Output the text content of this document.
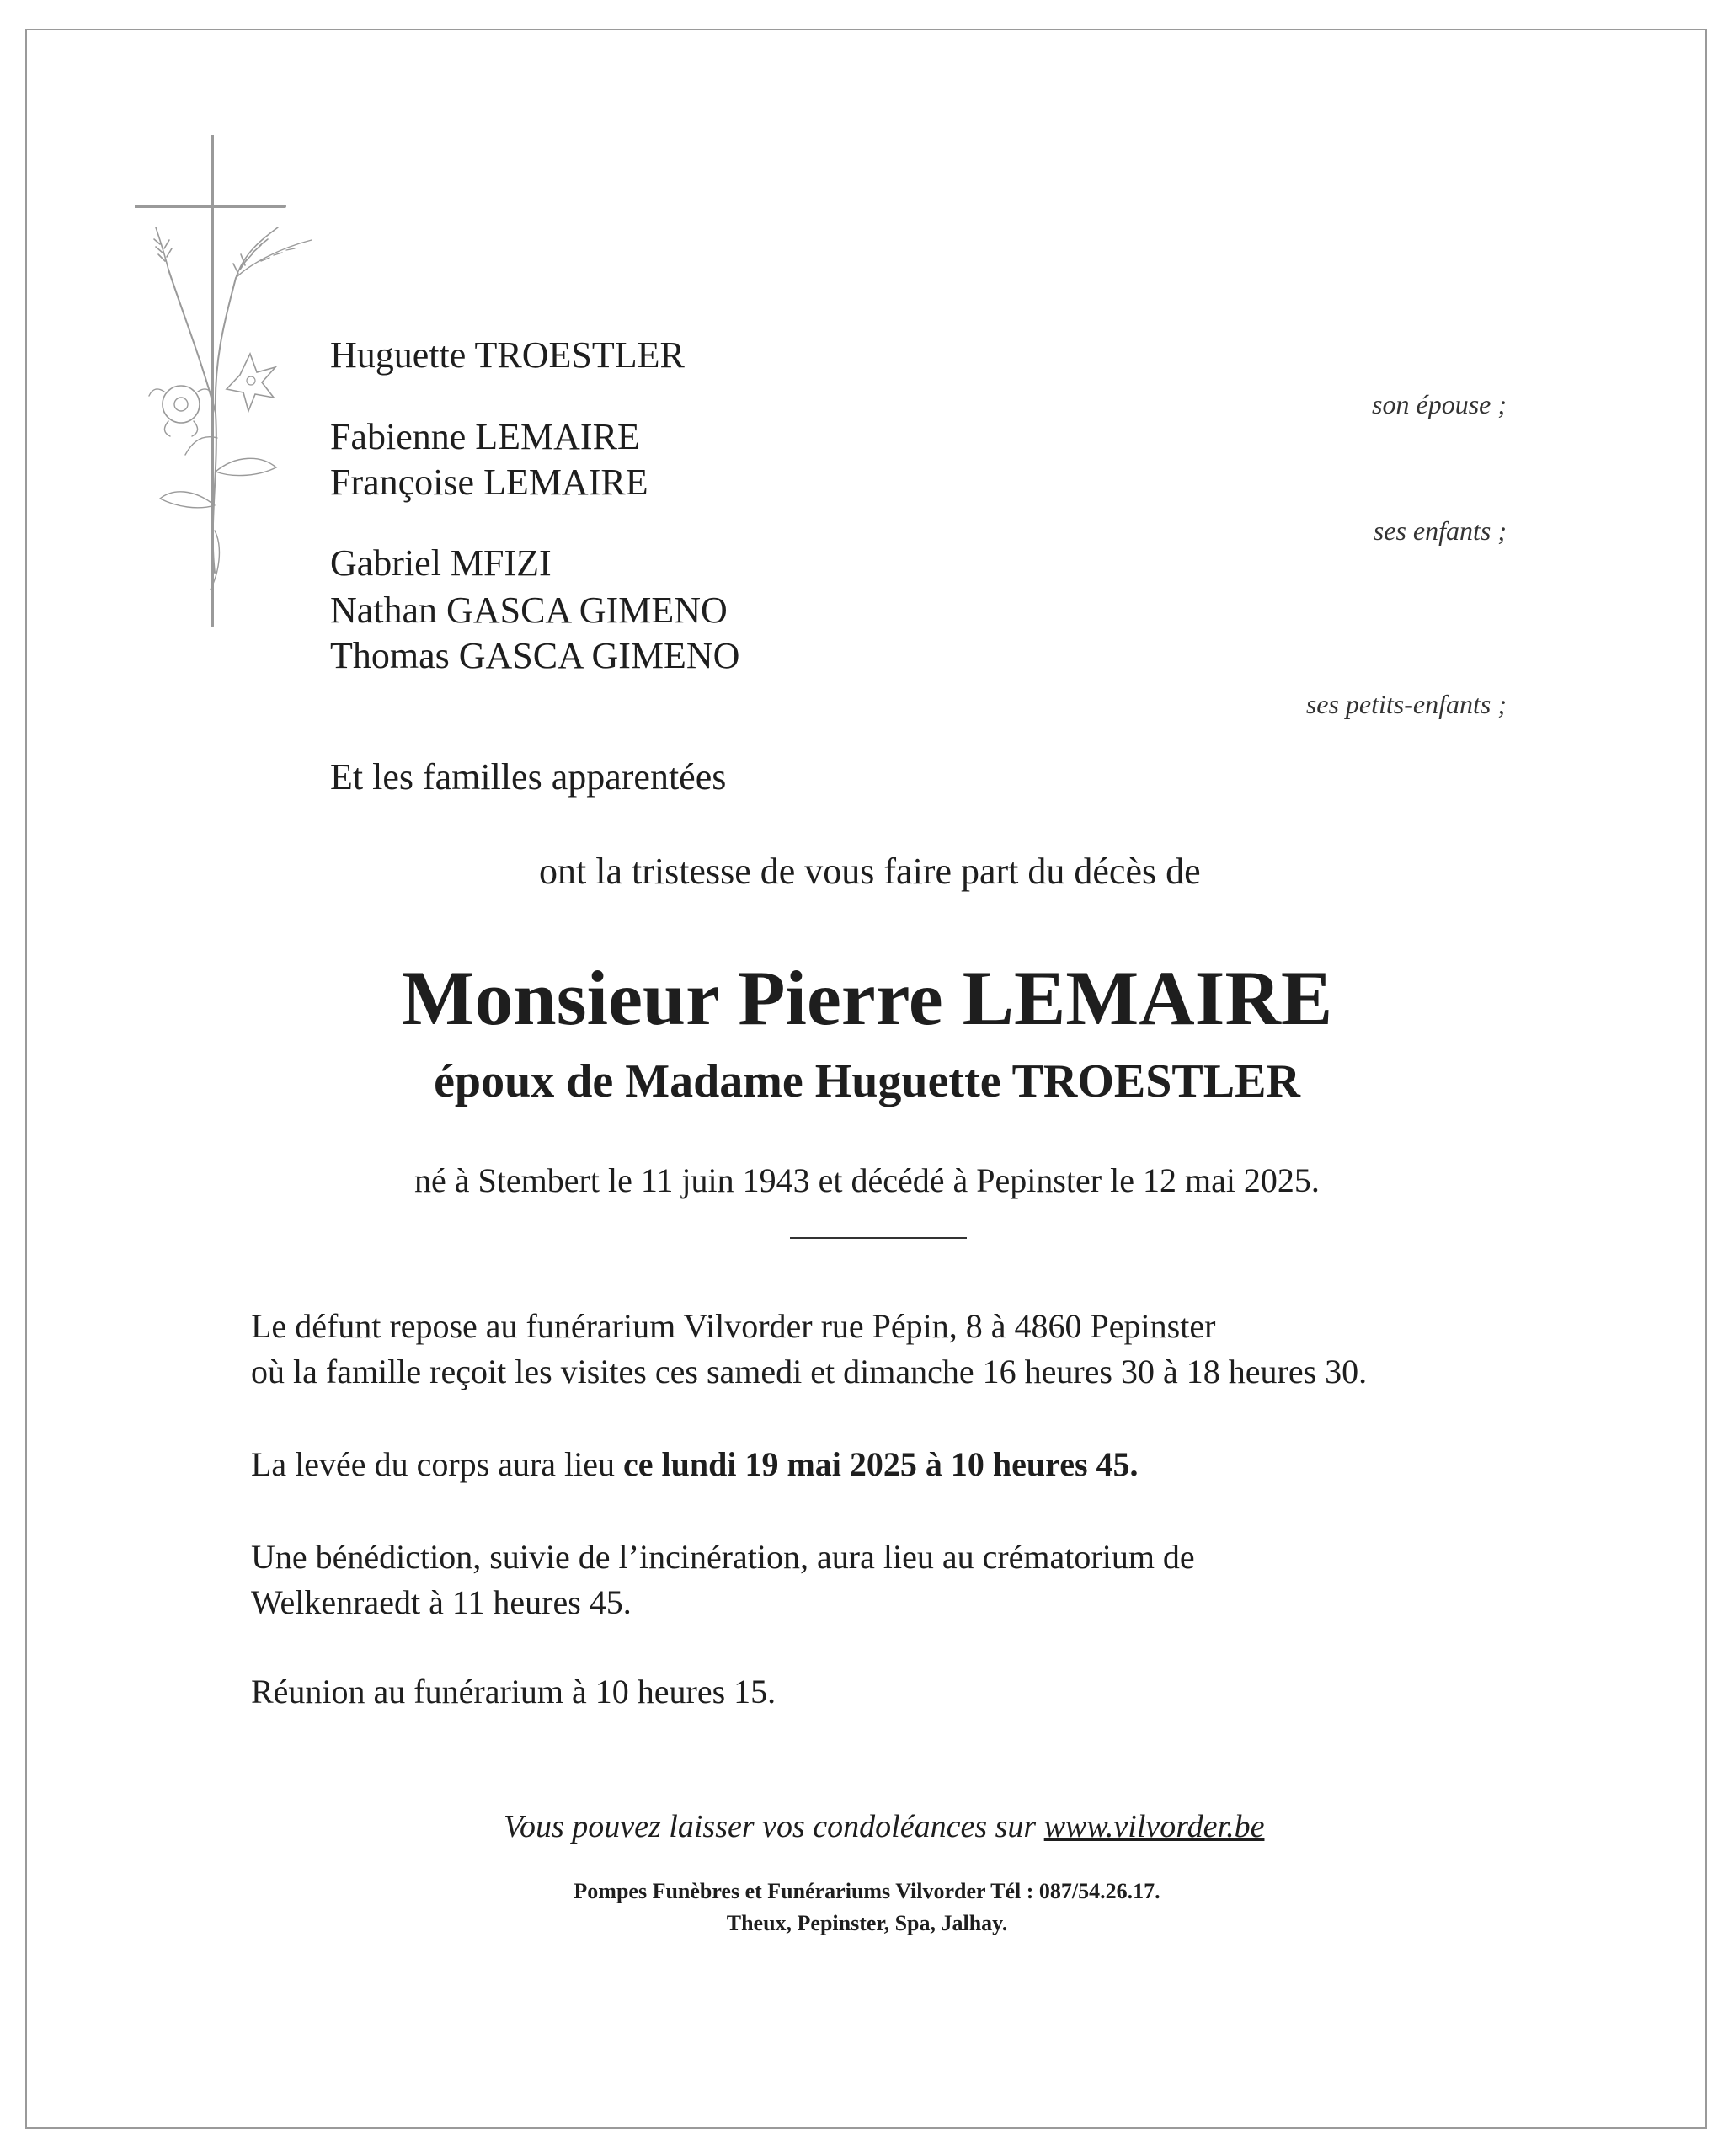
Huguette TROESTLER
son épouse ;
Fabienne LEMAIRE
Françoise LEMAIRE
ses enfants ;
Gabriel MFIZI
Nathan GASCA GIMENO
Thomas GASCA GIMENO
ses petits-enfants ;
Et les familles apparentées
ont la tristesse de vous faire part du décès de
Monsieur Pierre LEMAIRE
époux de Madame Huguette TROESTLER
né à Stembert le 11 juin 1943 et décédé à Pepinster le 12 mai 2025.
Le défunt repose au funérarium Vilvorder rue Pépin, 8 à 4860 Pepinster
où la famille reçoit les visites ces samedi et dimanche 16 heures 30 à 18 heures 30.
La levée du corps aura lieu ce lundi 19 mai 2025 à 10 heures 45.
Une bénédiction, suivie de l’incinération, aura lieu au crématorium de
Welkenraedt à 11 heures 45.
Réunion au funérarium à 10 heures 15.
Vous pouvez laisser vos condoléances sur www.vilvorder.be
Pompes Funèbres et Funérariums Vilvorder Tél : 087/54.26.17.
Theux, Pepinster, Spa, Jalhay.
